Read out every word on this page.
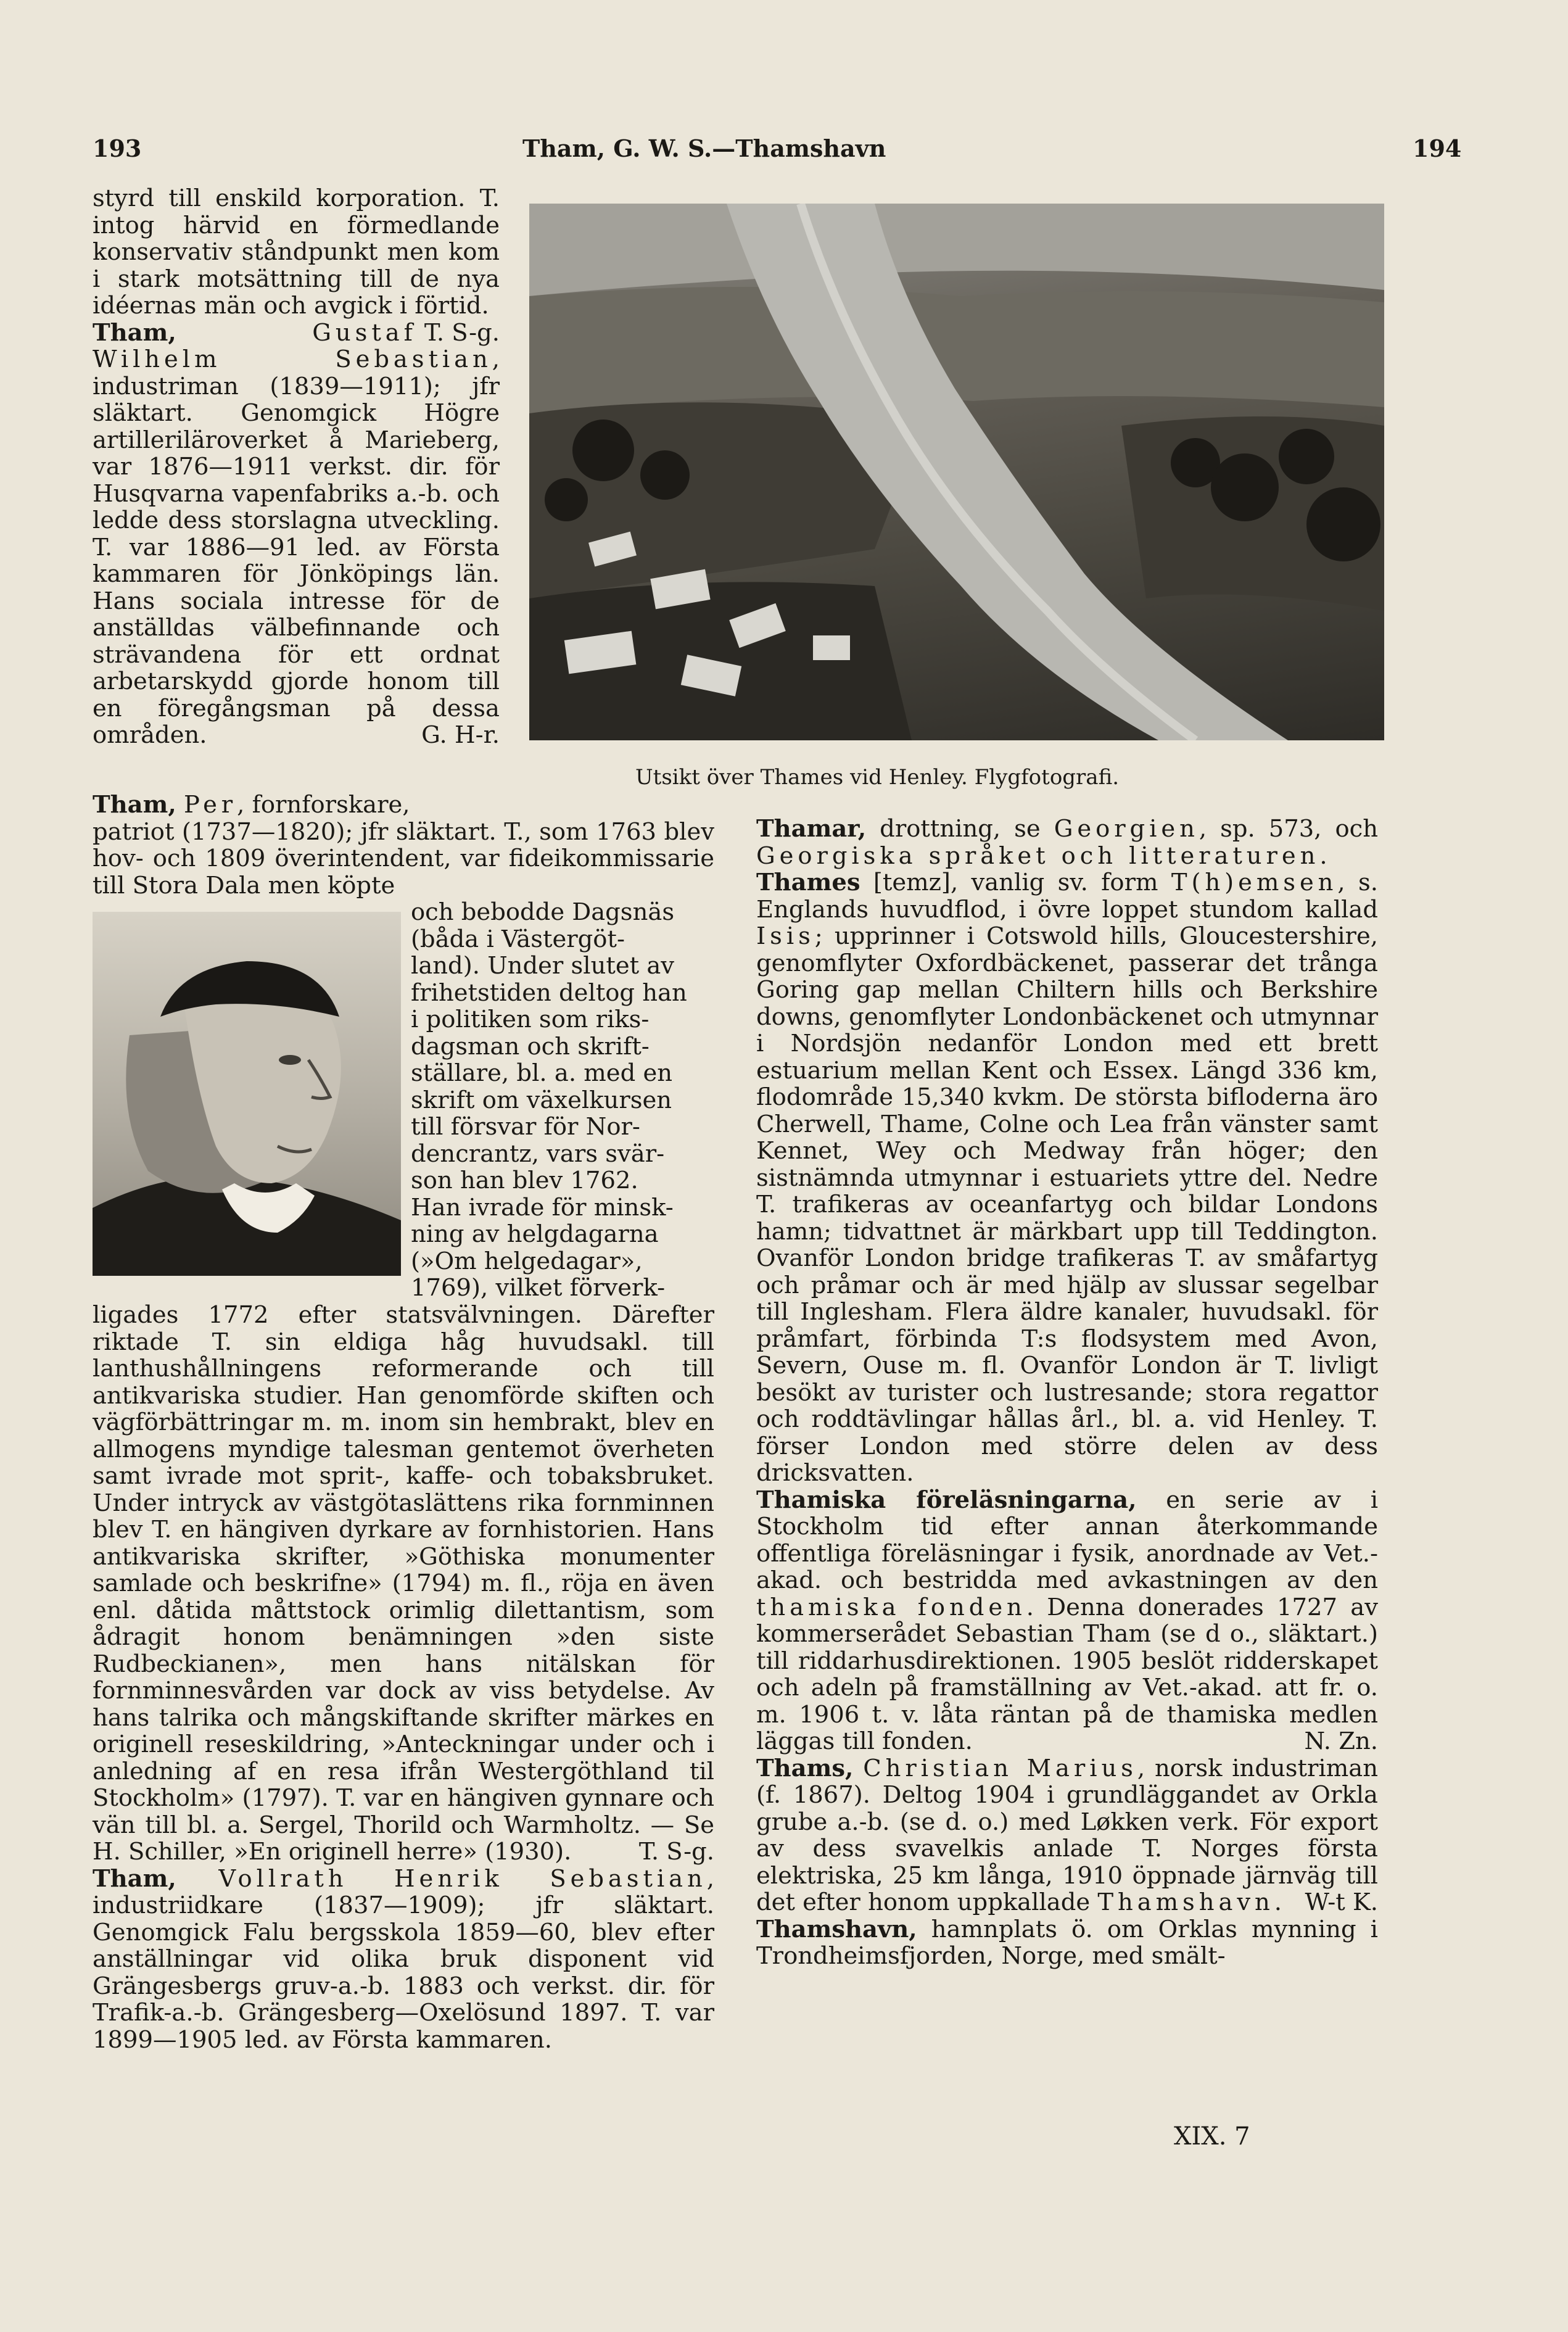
193	Tham, G. W. S.—Thamshavn	194
Utsikt över Thames vid Henley. Flygfotografi.

styrd till enskild korporation. T. intog härvid en förmedlande konservativ ståndpunkt men kom i stark motsättning till de nya idéernas män och avgick i förtid.
T. S-g.

Tham,	Gustaf Wilhelm Sebastian, industriman (1839—1911); jfr släktart. Genomgick Högre artilleriläroverket å Marieberg, var 1876—1911 verkst. dir. för Husqvarna vapenfabriks a.-b. och ledde dess storslagna utveckling. T. var 1886—91 led. av Första kammaren för Jönköpings län. Hans sociala intresse för de anställdas välbefinnande och strävandena för ett ordnat arbetarskydd gjorde honom till en föregångsman på dessa områden.	G. H-r.

Tham, Per, fornforskare,

patriot (1737—1820); jfr släktart. T., som 1763 blev hov- och 1809 överintendent, var fideikommissarie till Stora Dala men köpte

och bebodde Dagsnäs

(båda i Västergöt-

land). Under slutet av

frihetstiden deltog han

i politiken som riks-

dagsman och skrift-

ställare, bl. a. med en

skrift om växelkursen

till försvar för Nor-

dencrantz, vars svär-

son han blev 1762.

Han ivrade för minsk-

ning av helgdagarna

(»Om helgedagar»,

1769), vilket förverk-

ligades 1772 efter statsvälvningen. Därefter riktade T. sin eldiga håg huvudsakl. till lanthushållningens reformerande och till antikvariska studier. Han genomförde skiften och vägförbättringar m. m. inom sin hembrakt, blev en allmogens myndige talesman gentemot överheten samt ivrade mot sprit-, kaffe- och tobaksbruket. Under intryck av västgötaslättens rika fornminnen blev T. en hängiven dyrkare av fornhistorien. Hans antikvariska skrifter, »Göthiska monumenter samlade och beskrifne» (1794) m. fl., röja en även enl. dåtida måttstock orimlig dilettantism, som ådragit honom benämningen »den siste Rudbeckianen», men hans nitälskan för fornminnesvården var dock av viss betydelse. Av hans talrika och mångskiftande skrifter märkes en originell reseskildring, »Anteckningar under och i anledning af en resa ifrån Westergöthland til Stockholm» (1797). T. var en hängiven gynnare och vän till bl. a. Sergel, Thorild och Warmholtz. — Se H. Schiller, »En originell herre» (1930).	T. S-g.

Tham, Vollrath Henrik Sebastian, industriidkare (1837—1909); jfr släktart. Genomgick Falu bergsskola 1859—60, blev efter anställningar vid olika bruk disponent vid Grängesbergs gruv-a.-b. 1883 och verkst. dir. för Trafik-a.-b. Grängesberg—Oxelösund 1897. T. var 1899—1905 led. av Första kammaren.

Thamar, drottning, se Georgien, sp. 573, och Georgiska språket och litteraturen.

Thames [temz], vanlig sv. form T(h)emsen, s. Englands huvudflod, i övre loppet stundom kallad Isis; upprinner i Cotswold hills, Gloucestershire, genomflyter Oxfordbäckenet, passerar det trånga Goring gap mellan Chiltern hills och Berkshire downs, genomflyter Londonbäckenet och utmynnar i Nordsjön nedanför London med ett brett estuarium mellan Kent och Essex. Längd 336 km, flodområde 15,340 kvkm. De största bifloderna äro Cherwell, Thame, Colne och Lea från vänster samt Kennet, Wey och Medway från höger; den sistnämnda utmynnar i estuariets yttre del. Nedre T. trafikeras av oceanfartyg och bildar Londons hamn; tidvattnet är märkbart upp till Teddington. Ovanför London bridge trafikeras T. av småfartyg och pråmar och är med hjälp av slussar segelbar till Inglesham. Flera äldre kanaler, huvudsakl. för pråmfart, förbinda T:s flodsystem med Avon, Severn, Ouse m. fl. Ovanför London är T. livligt besökt av turister och lustresande; stora regattor och roddtävlingar hållas årl., bl. a. vid Henley. T. förser London med större delen av dess dricksvatten.

Thamiska föreläsningarna, en serie av i Stockholm tid efter annan återkommande offentliga föreläsningar i fysik, anordnade av Vet.-akad. och bestridda med avkastningen av den thamiska fonden. Denna donerades 1727 av kommerserådet Sebastian Tham (se d o., släktart.) till riddarhusdirektionen. 1905 beslöt ridderskapet och adeln på framställning av Vet.-akad. att fr. o. m. 1906 t. v. låta räntan på de thamiska medlen läggas till fonden.	N. Zn.

Thams, Christian Marius, norsk industriman (f. 1867). Deltog 1904 i grundläggandet av Orkla grube a.-b. (se d. o.) med Løkken verk. För export av dess svavelkis anlade T. Norges första elektriska, 25 km långa, 1910 öppnade järnväg till det efter honom uppkallade Thamshavn. W-t K.

Thamshavn, hamnplats ö. om Orklas mynning i Trondheimsfjorden, Norge, med smält-

XIX. 7
